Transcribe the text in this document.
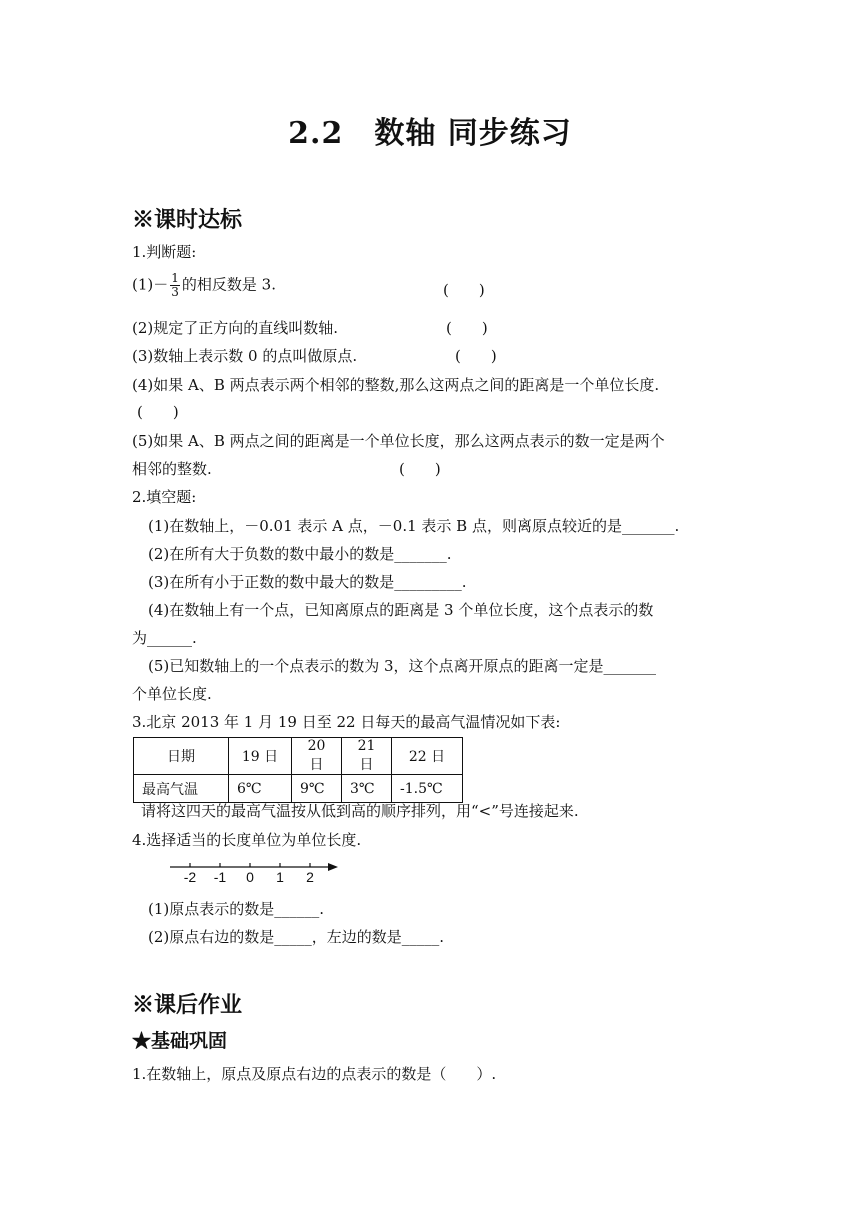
2.2　数轴 同步练习
※课时达标
1.判断题:
$(1)- \frac{1}{3}$ 的相反数是 3.	(　　)
(2)规定了正方向的直线叫数轴.	(　　)
(3)数轴上表示数 0 的点叫做原点.	(　　)
(4)如果 A、B 两点表示两个相邻的整数,那么这两点之间的距离是一个单位长度.
(　　)
(5)如果 A、B 两点之间的距离是一个单位长度，那么这两点表示的数一定是两个
相邻的整数.	(　　)
2.填空题:
(1)在数轴上，－0.01 表示 A 点，－0.1 表示 B 点，则离原点较近的是_______.
(2)在所有大于负数的数中最小的数是_______.
(3)在所有小于正数的数中最大的数是_________.
(4)在数轴上有一个点，已知离原点的距离是 3 个单位长度，这个点表示的数
为______.
(5)已知数轴上的一个点表示的数为 3，这个点离开原点的距离一定是_______
个单位长度.
3.北京 2013 年 1 月 19 日至 22 日每天的最高气温情况如下表:
日期	19 日	20 日	21 日	22 日
最高气温	6℃	9℃	3℃	-1.5℃
请将这四天的最高气温按从低到高的顺序排列，用“<”号连接起来.
4.选择适当的长度单位为单位长度.
-2 -1 0 1 2
(1)原点表示的数是______.
(2)原点右边的数是_____，左边的数是_____.
※课后作业
★基础巩固
1.在数轴上，原点及原点右边的点表示的数是（　　）.
